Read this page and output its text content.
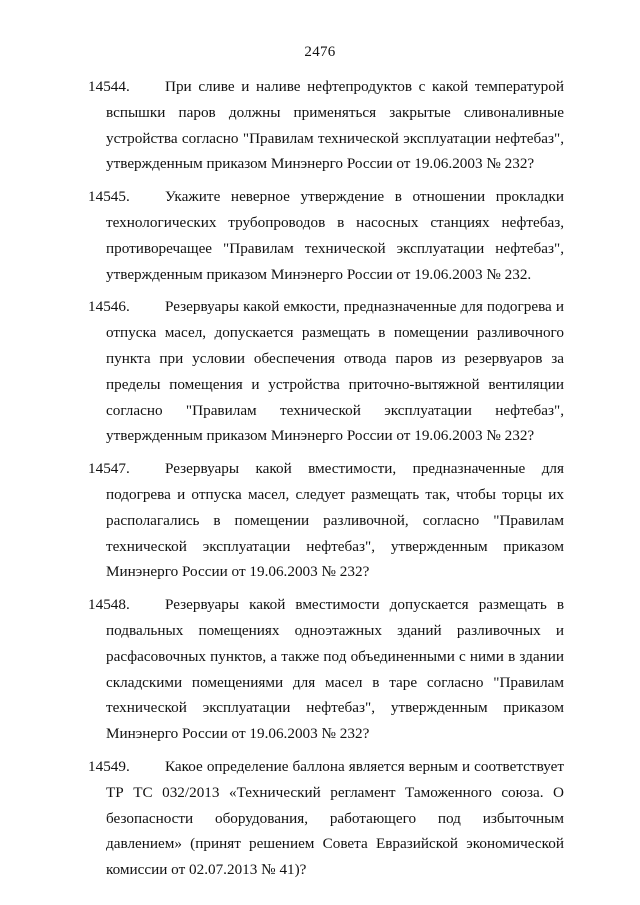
2476
14544.	При сливе и наливе нефтепродуктов с какой температурой вспышки паров должны применяться закрытые сливоналивные устройства согласно "Правилам технической эксплуатации нефтебаз", утвержденным приказом Минэнерго России от 19.06.2003 № 232?
14545.	Укажите неверное утверждение в отношении прокладки технологических трубопроводов в насосных станциях нефтебаз, противоречащее "Правилам технической эксплуатации нефтебаз", утвержденным приказом Минэнерго России от 19.06.2003 № 232.
14546.	Резервуары какой емкости, предназначенные для подогрева и отпуска масел, допускается размещать в помещении разливочного пункта при условии обеспечения отвода паров из резервуаров за пределы помещения и устройства приточно-вытяжной вентиляции согласно "Правилам технической эксплуатации нефтебаз", утвержденным приказом Минэнерго России от 19.06.2003 № 232?
14547.	Резервуары какой вместимости, предназначенные для подогрева и отпуска масел, следует размещать так, чтобы торцы их располагались в помещении разливочной, согласно "Правилам технической эксплуатации нефтебаз", утвержденным приказом Минэнерго России от 19.06.2003 № 232?
14548.	Резервуары какой вместимости допускается размещать в подвальных помещениях одноэтажных зданий разливочных и расфасовочных пунктов, а также под объединенными с ними в здании складскими помещениями для масел в таре согласно "Правилам технической эксплуатации нефтебаз", утвержденным приказом Минэнерго России от 19.06.2003 № 232?
14549.	Какое определение баллона является верным и соответствует ТР ТС 032/2013 «Технический регламент Таможенного союза. О безопасности оборудования, работающего под избыточным давлением» (принят решением Совета Евразийской экономической комиссии от 02.07.2013 № 41)?
